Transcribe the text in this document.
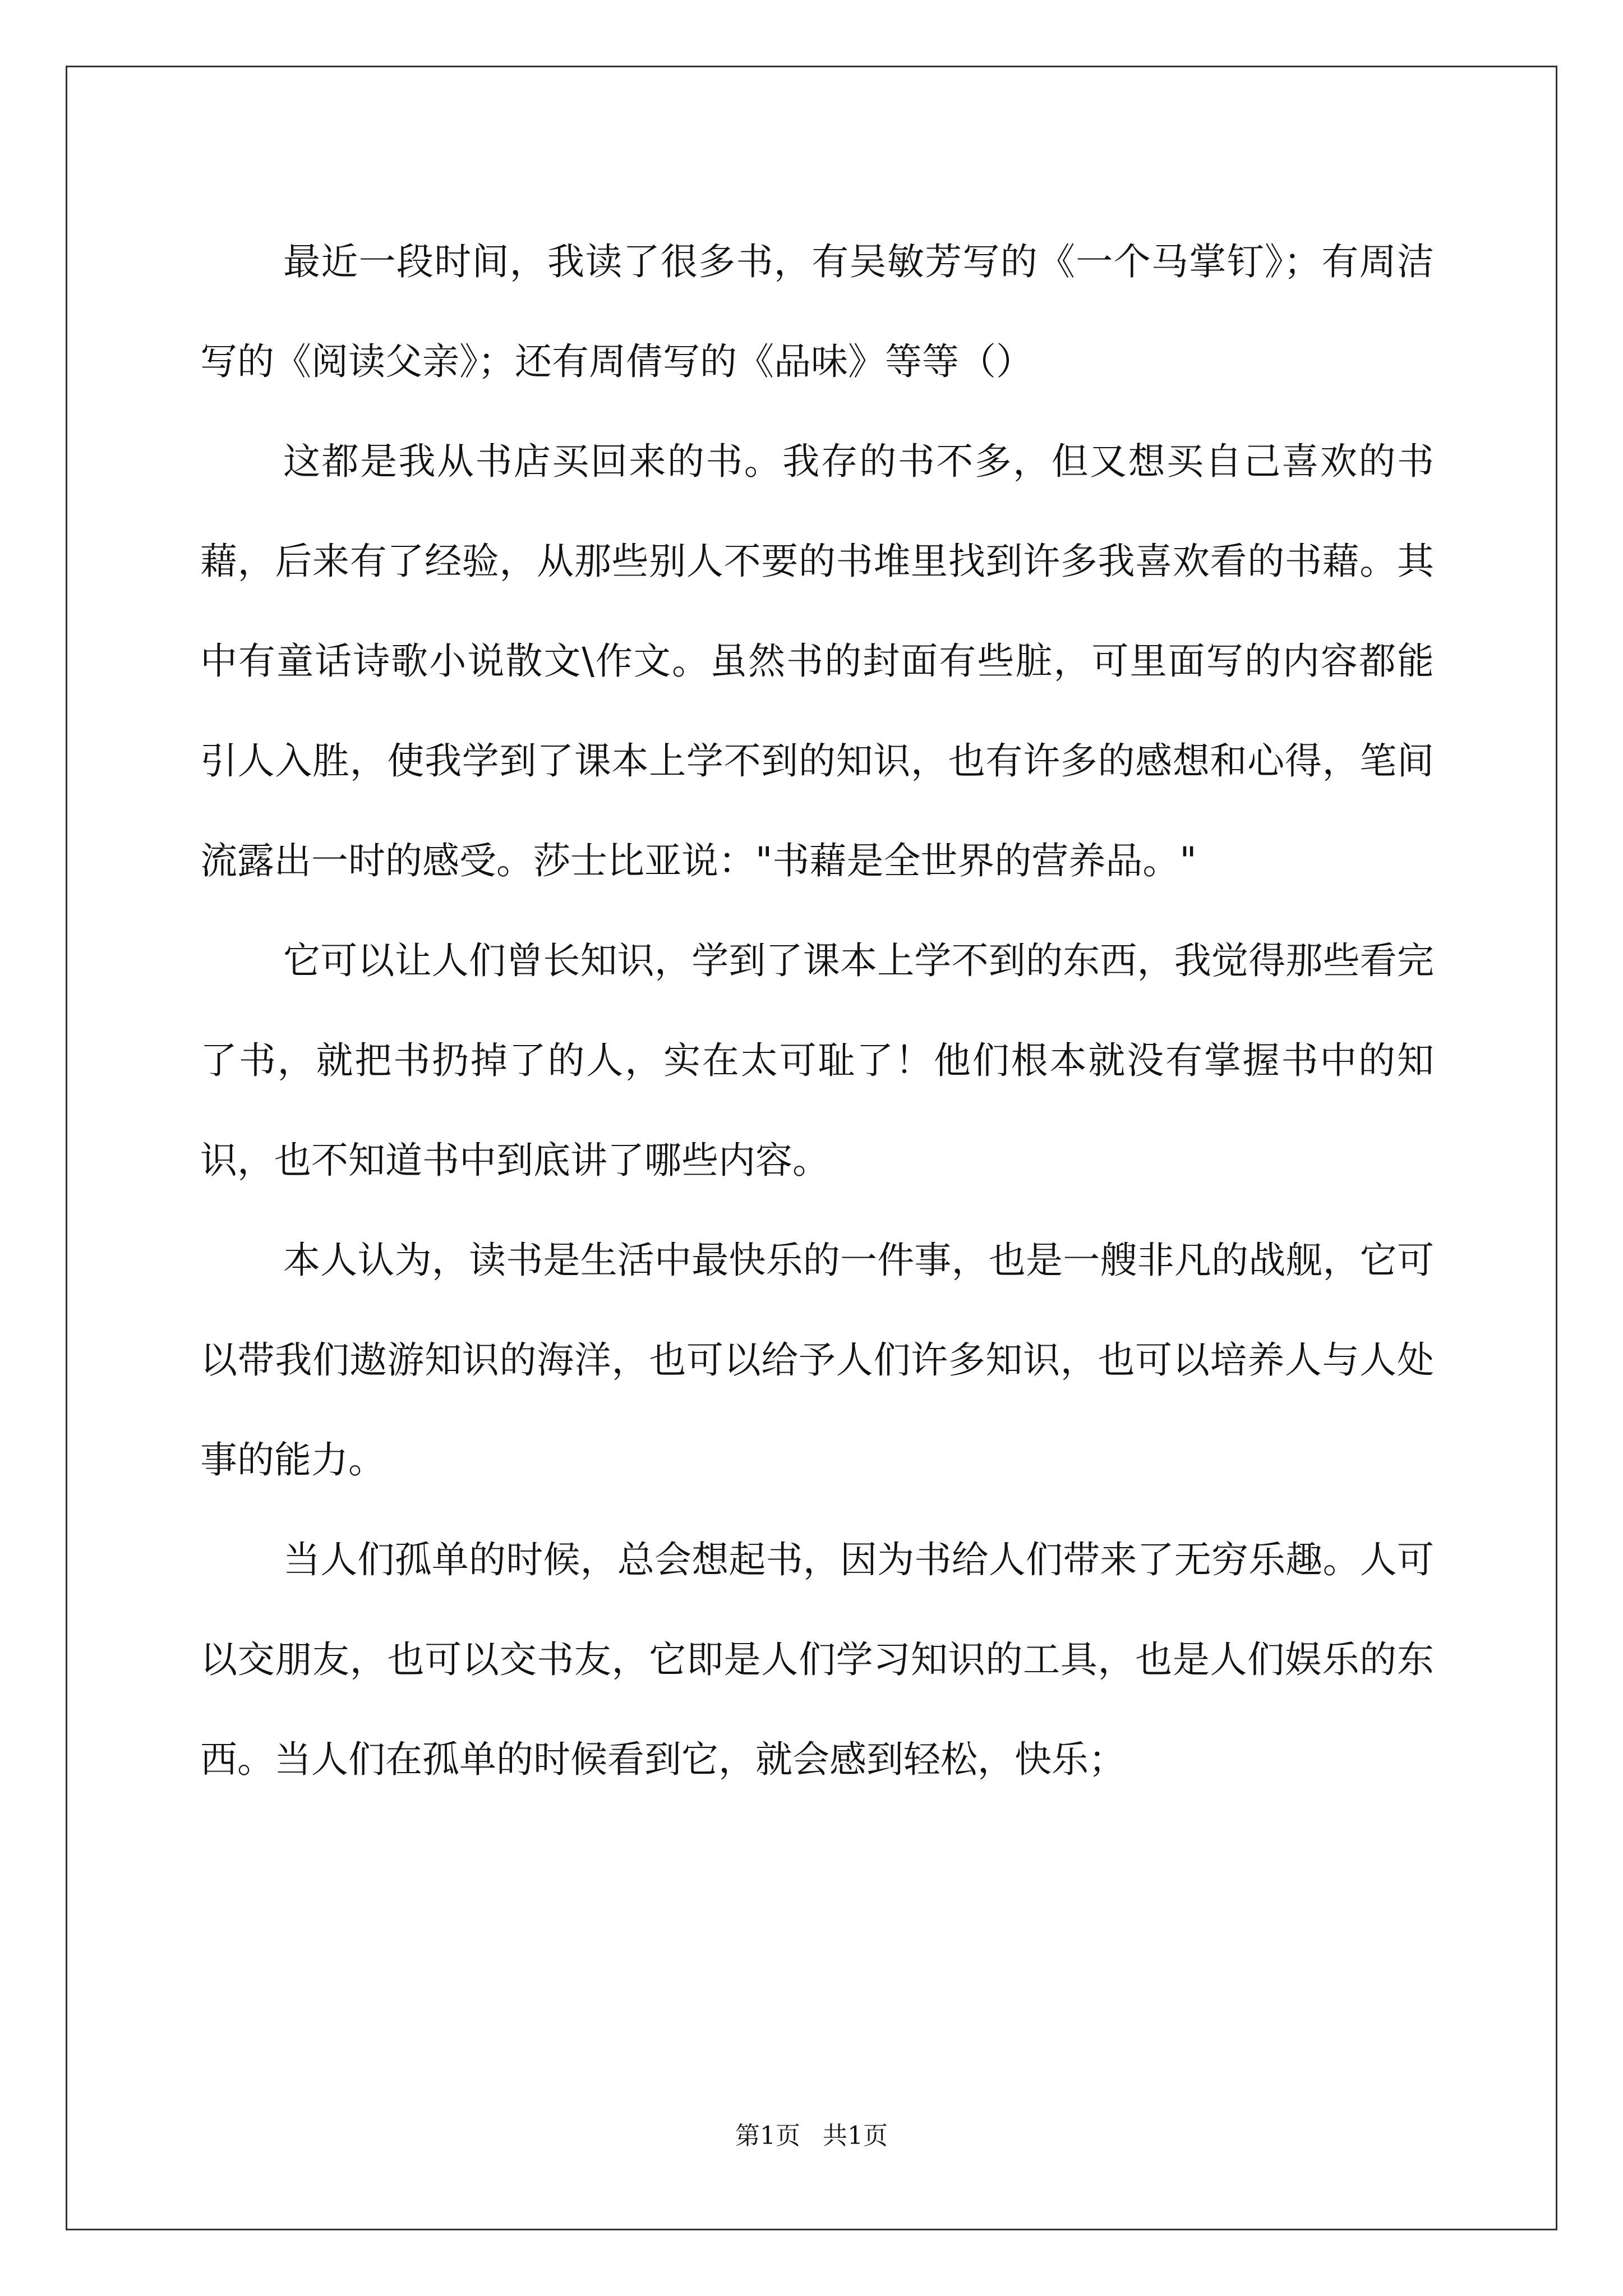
最近一段时间，我读了很多书，有吴敏芳写的《一个马掌钉》；有周洁写的《阅读父亲》；还有周倩写的《品味》等等（）

这都是我从书店买回来的书。我存的书不多，但又想买自己喜欢的书藉，后来有了经验，从那些别人不要的书堆里找到许多我喜欢看的书藉。其中有童话诗歌小说散文\作文。虽然书的封面有些脏，可里面写的内容都能引人入胜，使我学到了课本上学不到的知识，也有许多的感想和心得，笔间流露出一时的感受。莎士比亚说："书藉是全世界的营养品。"

它可以让人们曾长知识，学到了课本上学不到的东西，我觉得那些看完了书，就把书扔掉了的人，实在太可耻了！他们根本就没有掌握书中的知识，也不知道书中到底讲了哪些内容。

本人认为，读书是生活中最快乐的一件事，也是一艘非凡的战舰，它可以带我们遨游知识的海洋，也可以给予人们许多知识，也可以培养人与人处事的能力。

当人们孤单的时候，总会想起书，因为书给人们带来了无穷乐趣。人可以交朋友，也可以交书友，它即是人们学习知识的工具，也是人们娱乐的东西。当人们在孤单的时候看到它，就会感到轻松，快乐；

第1页 共1页
